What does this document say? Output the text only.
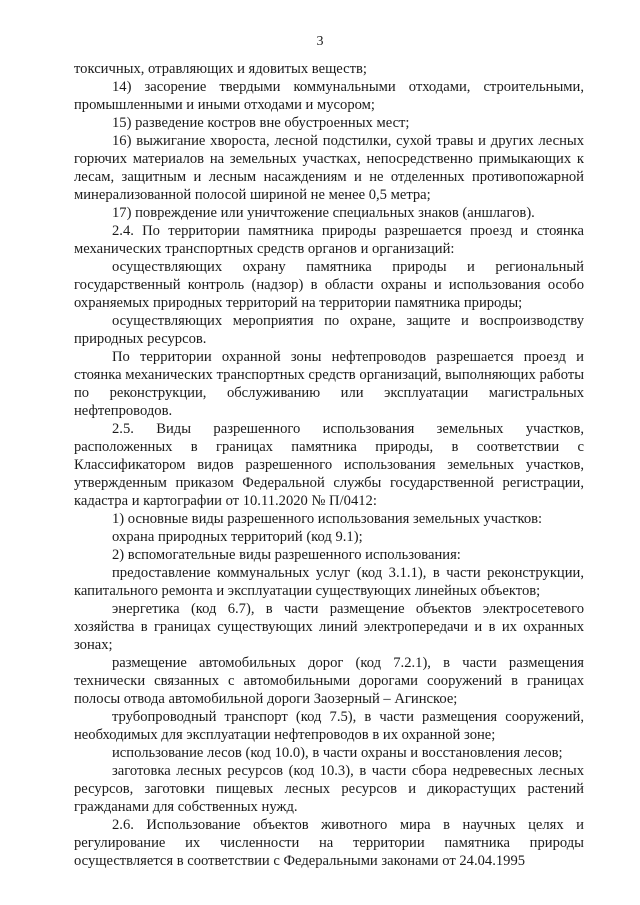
3

токсичных, отравляющих и ядовитых веществ;

14) засорение твердыми коммунальными отходами, строительными, промышленными и иными отходами и мусором;

15) разведение костров вне обустроенных мест;

16) выжигание хвороста, лесной подстилки, сухой травы и других лесных горючих материалов на земельных участках, непосредственно примыкающих к лесам, защитным и лесным насаждениям и не отделенных противопожарной минерализованной полосой шириной не менее 0,5 метра;

17) повреждение или уничтожение специальных знаков (аншлагов).

2.4. По территории памятника природы разрешается проезд и стоянка механических транспортных средств органов и организаций:

осуществляющих охрану памятника природы и региональный государственный контроль (надзор) в области охраны и использования особо охраняемых природных территорий на территории памятника природы;

осуществляющих мероприятия по охране, защите и воспроизводству природных ресурсов.

По территории охранной зоны нефтепроводов разрешается проезд и стоянка механических транспортных средств организаций, выполняющих работы по реконструкции, обслуживанию или эксплуатации магистральных нефтепроводов.

2.5. Виды разрешенного использования земельных участков, расположенных в границах памятника природы, в соответствии с Классификатором видов разрешенного использования земельных участков, утвержденным приказом Федеральной службы государственной регистрации, кадастра и картографии от 10.11.2020 № П/0412:

1) основные виды разрешенного использования земельных участков:

охрана природных территорий (код 9.1);

2) вспомогательные виды разрешенного использования:

предоставление коммунальных услуг (код 3.1.1), в части реконструкции, капитального ремонта и эксплуатации существующих линейных объектов;

энергетика (код 6.7), в части размещение объектов электросетевого хозяйства в границах существующих линий электропередачи и в их охранных зонах;

размещение автомобильных дорог (код 7.2.1), в части размещения технически связанных с автомобильными дорогами сооружений в границах полосы отвода автомобильной дороги Заозерный – Агинское;

трубопроводный транспорт (код 7.5), в части размещения сооружений, необходимых для эксплуатации нефтепроводов в их охранной зоне;

использование лесов (код 10.0), в части охраны и восстановления лесов;

заготовка лесных ресурсов (код 10.3), в части сбора недревесных лесных ресурсов, заготовки пищевых лесных ресурсов и дикорастущих растений гражданами для собственных нужд.

2.6. Использование объектов животного мира в научных целях и регулирование их численности на территории памятника природы осуществляется в соответствии с Федеральными законами от 24.04.1995
